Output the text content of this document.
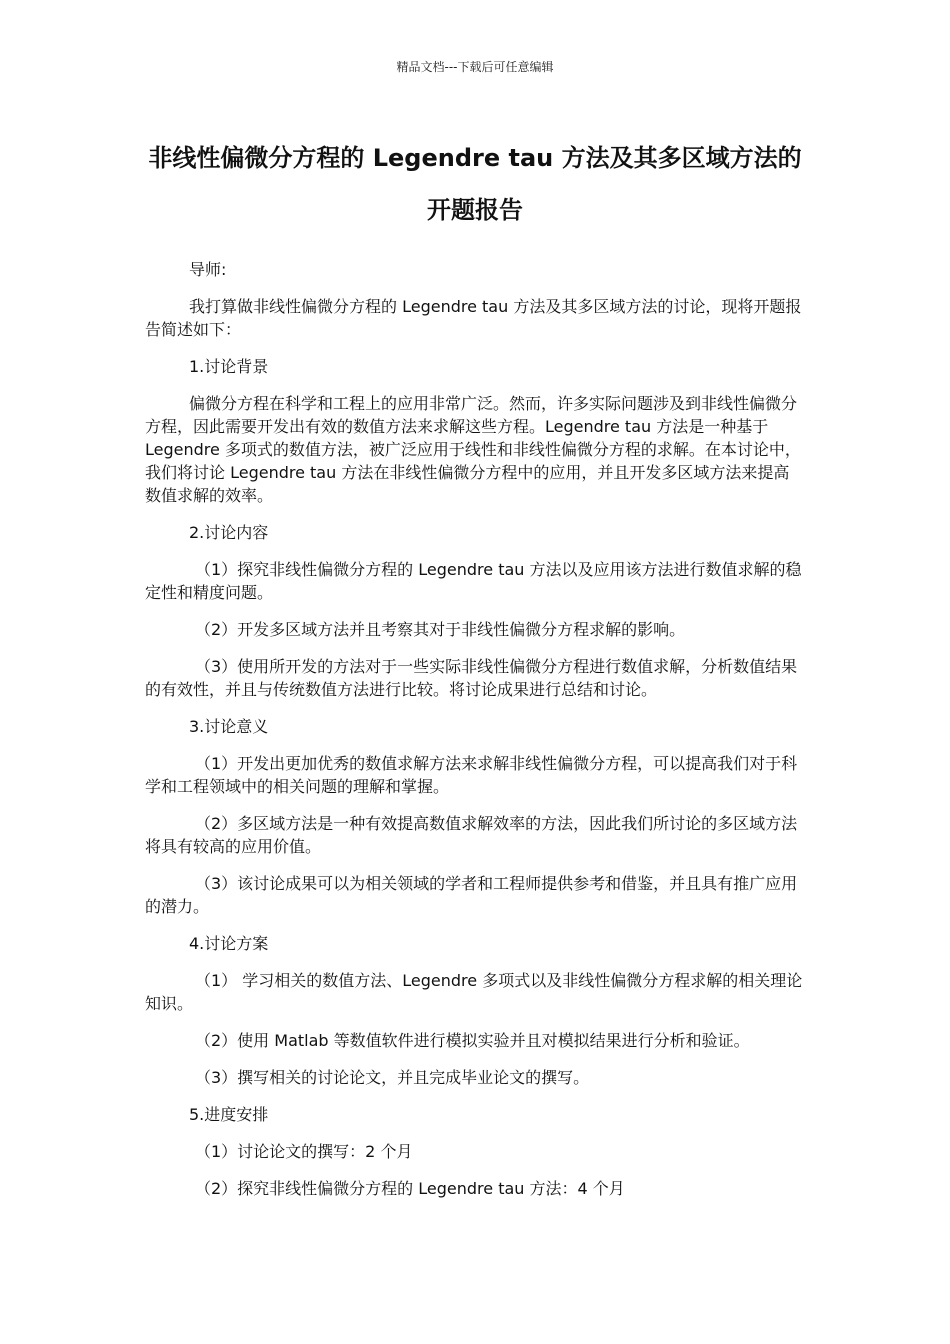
精品文档---下载后可任意编辑
非线性偏微分方程的 Legendre tau 方法及其多区域方法的
开题报告

导师:

我打算做非线性偏微分方程的 Legendre tau 方法及其多区域方法的讨论，现将开题报告简述如下：

1.讨论背景

偏微分方程在科学和工程上的应用非常广泛。然而，许多实际问题涉及到非线性偏微分方程，因此需要开发出有效的数值方法来求解这些方程。Legendre tau 方法是一种基于 Legendre 多项式的数值方法，被广泛应用于线性和非线性偏微分方程的求解。在本讨论中，我们将讨论 Legendre tau 方法在非线性偏微分方程中的应用，并且开发多区域方法来提高数值求解的效率。

2.讨论内容

（1）探究非线性偏微分方程的 Legendre tau 方法以及应用该方法进行数值求解的稳定性和精度问题。

（2）开发多区域方法并且考察其对于非线性偏微分方程求解的影响。

（3）使用所开发的方法对于一些实际非线性偏微分方程进行数值求解，分析数值结果的有效性，并且与传统数值方法进行比较。将讨论成果进行总结和讨论。

3.讨论意义

（1）开发出更加优秀的数值求解方法来求解非线性偏微分方程，可以提高我们对于科学和工程领域中的相关问题的理解和掌握。

（2）多区域方法是一种有效提高数值求解效率的方法，因此我们所讨论的多区域方法将具有较高的应用价值。

（3）该讨论成果可以为相关领域的学者和工程师提供参考和借鉴，并且具有推广应用的潜力。

4.讨论方案

（1） 学习相关的数值方法、Legendre 多项式以及非线性偏微分方程求解的相关理论知识。

（2）使用 Matlab 等数值软件进行模拟实验并且对模拟结果进行分析和验证。

（3）撰写相关的讨论论文，并且完成毕业论文的撰写。

5.进度安排

（1）讨论论文的撰写：2 个月

（2）探究非线性偏微分方程的 Legendre tau 方法：4 个月
